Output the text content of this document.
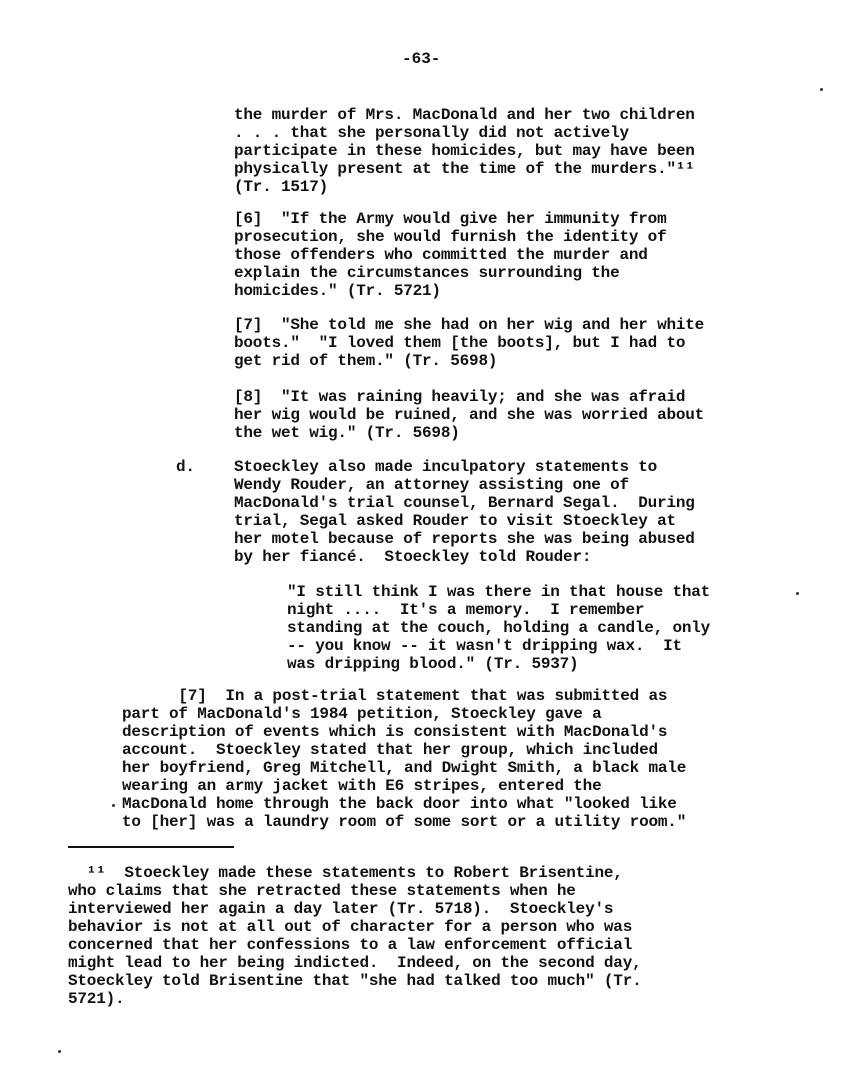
-63-

the murder of Mrs. MacDonald and her two children
. . . that she personally did not actively
participate in these homicides, but may have been
physically present at the time of the murders."¹¹
(Tr. 1517)

[6]  "If the Army would give her immunity from
prosecution, she would furnish the identity of
those offenders who committed the murder and
explain the circumstances surrounding the
homicides." (Tr. 5721)

[7]  "She told me she had on her wig and her white
boots."  "I loved them [the boots], but I had to
get rid of them." (Tr. 5698)

[8]  "It was raining heavily; and she was afraid
her wig would be ruined, and she was worried about
the wet wig." (Tr. 5698)

d. Stoeckley also made inculpatory statements to
Wendy Rouder, an attorney assisting one of
MacDonald's trial counsel, Bernard Segal.  During
trial, Segal asked Rouder to visit Stoeckley at
her motel because of reports she was being abused
by her fiancé.  Stoeckley told Rouder:

"I still think I was there in that house that
night ....  It's a memory.  I remember
standing at the couch, holding a candle, only
-- you know -- it wasn't dripping wax.  It
was dripping blood." (Tr. 5937)

[7]  In a post-trial statement that was submitted as
part of MacDonald's 1984 petition, Stoeckley gave a
description of events which is consistent with MacDonald's
account.  Stoeckley stated that her group, which included
her boyfriend, Greg Mitchell, and Dwight Smith, a black male
wearing an army jacket with E6 stripes, entered the
MacDonald home through the back door into what "looked like
to [her] was a laundry room of some sort or a utility room."

¹¹  Stoeckley made these statements to Robert Brisentine,
who claims that she retracted these statements when he
interviewed her again a day later (Tr. 5718).  Stoeckley's
behavior is not at all out of character for a person who was
concerned that her confessions to a law enforcement official
might lead to her being indicted.  Indeed, on the second day,
Stoeckley told Brisentine that "she had talked too much" (Tr.
5721).
